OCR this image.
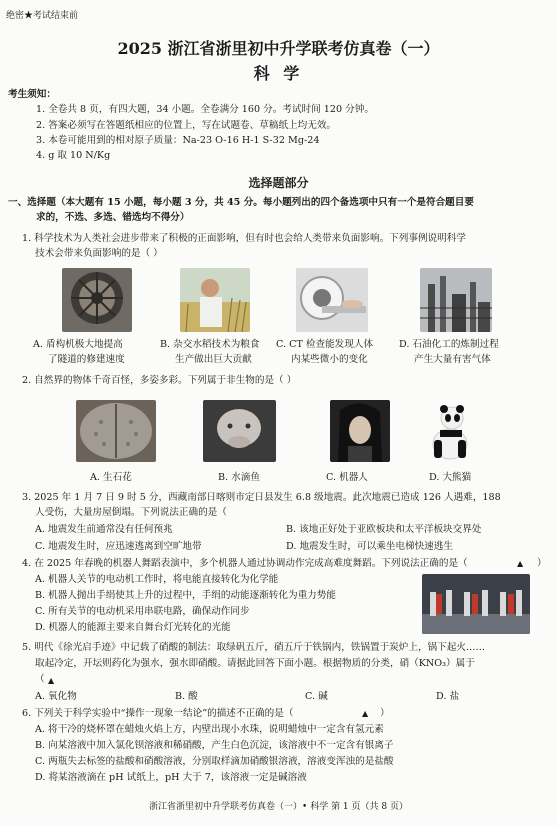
绝密★考试结束前
2025 浙江省浙里初中升学联考仿真卷（一）
科 学
考生须知：
1. 全卷共 8 页，有四大题，34 小题。全卷满分 160 分。考试时间 120 分钟。
2. 答案必须写在答题纸相应的位置上，写在试题卷、草稿纸上均无效。
3. 本卷可能用到的相对原子质量：Na-23 O-16 H-1 S-32 Mg-24
4. g 取 10 N/Kg
选择题部分
一、选择题（本大题有 15 小题，每小题 3 分，共 45 分。每小题列出的四个备选项中只有一个是符合题目要
求的，不选、多选、错选均不得分）
1. 科学技术为人类社会进步带来了积极的正面影响，但有时也会给人类带来负面影响。下列事例说明科学
技术会带来负面影响的是（ ）
A. 盾构机极大地提高
了隧道的修建速度
B. 杂交水稻技术为粮食
生产做出巨大贡献
C. CT 检查能发现人体
内某些微小的变化
D. 石油化工的炼制过程
产生大量有害气体
2. 自然界的物体千奇百怪，多姿多彩。下列属于非生物的是（ ）
A. 生石花	B. 水滴鱼	C. 机器人	D. 大熊猫
3. 2025 年 1 月 7 日 9 时 5 分，西藏南部日喀则市定日县发生 6.8 级地震。此次地震已造成 126 人遇难，188
人受伤，大量房屋倒塌。下列说法正确的是（
A. 地震发生前通常没有任何预兆	B. 该地正好处于亚欧板块和太平洋板块交界处
C. 地震发生时，应迅速逃离到空旷地带	D. 地震发生时，可以乘坐电梯快速逃生
4. 在 2025 年春晚的机器人舞蹈表演中，多个机器人通过协调动作完成高难度舞蹈。下列说法正确的是（	▲ ）
A. 机器人关节的电动机工作时，将电能直接转化为化学能
B. 机器人抛出手绢使其上升的过程中，手绢的动能逐渐转化为重力势能
C. 所有关节的电动机采用串联电路，确保动作同步
D. 机器人的能源主要来自舞台灯光转化的光能
5. 明代《徐光启手迹》中记载了硝酸的制法：取绿矾五斤，硝五斤于铁锅内，铁锅置于炭炉上，锅下起火……
取起冷定，开坛则药化为强水，强水即硝酸。请据此回答下面小题。根据物质的分类，硝（KNO₃）属于
（ ▲
A. 氧化物	B. 酸	C. 碱	D. 盐
6. 下列关于科学实验中“操作一现象一结论”的描述不正确的是（	▲ ）
A. 将干冷的烧杯罩在蜡烛火焰上方，内壁出现小水珠，说明蜡烛中一定含有氢元素
B. 向某溶液中加入氯化钡溶液和稀硝酸，产生白色沉淀，该溶液中不一定含有银离子
C. 两瓶失去标签的盐酸和硝酸溶液，分别取样滴加硝酸银溶液，溶液变浑浊的是盐酸
D. 将某溶液滴在 pH 试纸上，pH 大于 7，该溶液一定是碱溶液
浙江省浙里初中升学联考仿真卷（一）• 科学 第 1 页（共 8 页）
